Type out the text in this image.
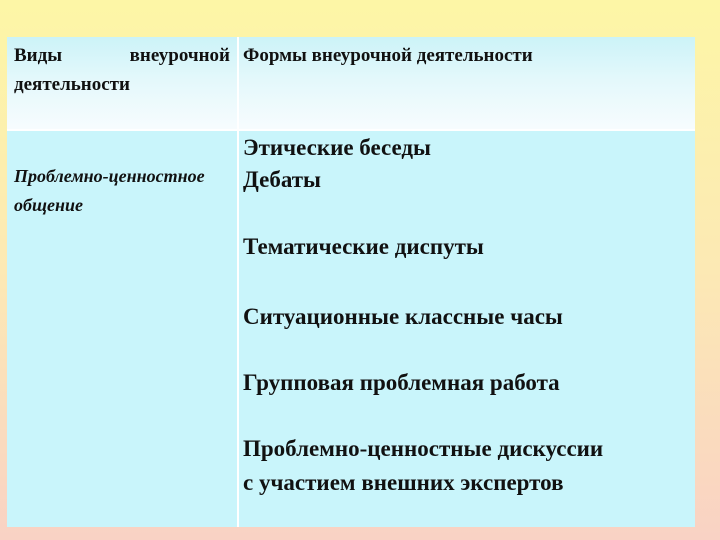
Виды внеурочной деятельности
Формы внеурочной деятельности
Проблемно-ценностное общение
Этические беседы
Дебаты
Тематические диспуты
Ситуационные классные часы
Групповая проблемная работа
Проблемно-ценностные дискуссии
с участием внешних экспертов
